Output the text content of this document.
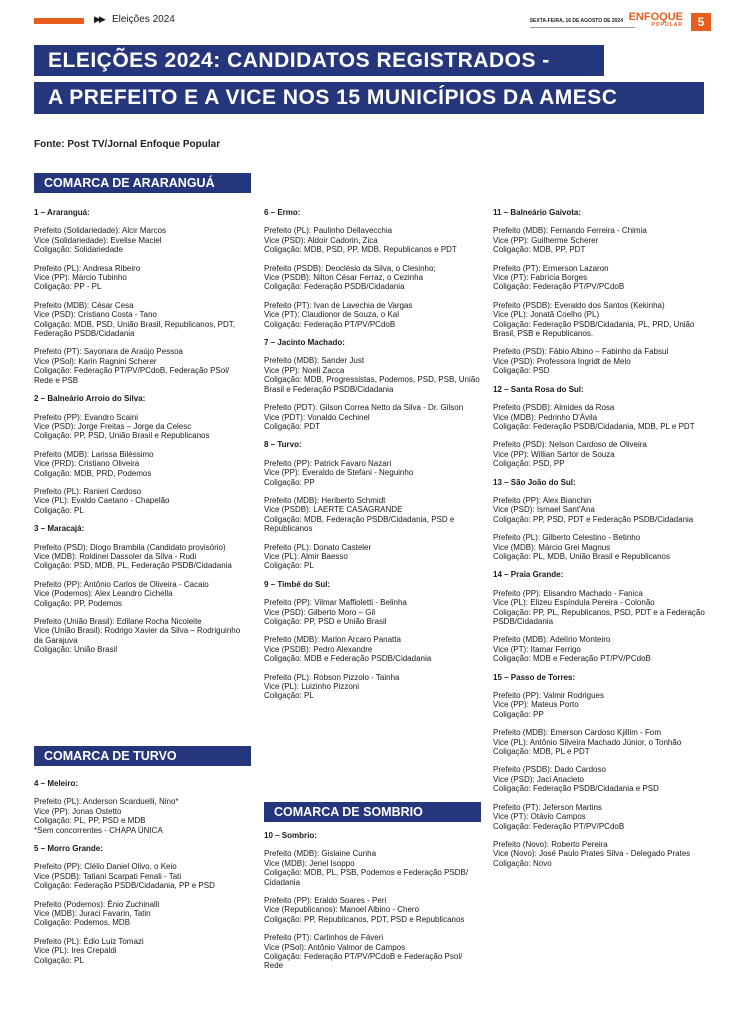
▶▶ Eleições 2024	SEXTA-FEIRA, 16 DE AGOSTO DE 2024 ENFOQUE
POPULAR	5
ELEIÇÕES 2024: CANDIDATOS REGISTRADOS -
A PREFEITO E A VICE NOS 15 MUNICÍPIOS DA AMESC
Fonte: Post TV/Jornal Enfoque Popular
COMARCA DE ARARANGUÁ
COMARCA DE TURVO
COMARCA DE SOMBRIO
1 – Araranguá:
Prefeito (Solidariedade): Alcir Marcos
Vice (Solidariedade): Evelise Maciel
Coligação: Solidariedade
Prefeito (PL): Andresa Ribeiro
Vice (PP): Márcio Tubinho
Coligação: PP - PL
Prefeito (MDB): César Cesa
Vice (PSD): Cristiano Costa - Tano
Coligação: MDB, PSD, União Brasil, Republicanos, PDT, Federação PSDB/Cidadania
Prefeito (PT): Sayonara de Araújo Pessoa
Vice (PSol): Karin Ragnini Scherer
Coligação: Federação PT/PV/PCdoB, Federação PSol/ Rede e PSB
2 – Balneário Arroio do Silva:
Prefeito (PP): Evandro Scaini
Vice (PSD): Jorge Freitas – Jorge da Celesc
Coligação: PP, PSD, União Brasil e Republicanos
Prefeito (MDB): Larissa Biléssimo
Vice (PRD): Cristiano Oliveira
Coligação: MDB, PRD, Podemos
Prefeito (PL): Ranieri Cardoso
Vice (PL): Evaldo Caetano - Chapelão
Coligação: PL
3 – Maracajá:
Prefeito (PSD): Diogo Brambila (Candidato provisório)
Vice (MDB): Roldinei Dassoler da Silva - Rudi
Coligação: PSD, MDB, PL, Federação PSDB/Cidadania
Prefeito (PP): Antônio Carlos de Oliveira - Cacaio
Vice (Podemos): Alex Leandro Cichella
Coligação: PP, Podemos
Prefeito (União Brasil): Edilane Rocha Nicoleite
Vice (União Brasil): Rodrigo Xavier da Silva – Rodriguinho da Garajuva
Coligação: União Brasil
4 – Meleiro:
Prefeito (PL): Anderson Scarduelli, Nino*
Vice (PP): Jonas Ostetto
Coligação: PL, PP, PSD e MDB
*Sem concorrentes - CHAPA ÚNICA
5 – Morro Grande:
Prefeito (PP): Clélio Daniel Olivo, o Keio
Vice (PSDB): Tatiani Scarpati Fenali - Tati
Coligação: Federação PSDB/Cidadania, PP e PSD
Prefeito (Podemos): Ênio Zuchinalli
Vice (MDB): Juraci Favarin, Tatin
Coligação: Podemos, MDB
Prefeito (PL): Édio Luiz Tomazi
Vice (PL): Ires Crepaldi
Coligação: PL
6 – Ermo:
Prefeito (PL): Paulinho Dellavecchia
Vice (PSD): Aldoir Cadorin, Zica
Coligação: MDB, PSD, PP, MDB, Republicanos e PDT
Prefeito (PSDB): Deoclésio da Silva, o Clesinho;
Vice (PSDB): Nilton César Ferraz, o Cezinha
Coligação: Federação PSDB/Cidadania
Prefeito (PT): Ivan de Lavechia de Vargas
Vice (PT): Claudionor de Souza, o Kal
Coligação: Federação PT/PV/PCdoB
7 – Jacinto Machado:
Prefeito (MDB): Sander Just
Vice (PP): Noeli Zacca
Coligação: MDB, Progressistas, Podemos, PSD, PSB, União Brasil e Federação PSDB/Cidadania
Prefeito (PDT): Gilson Correa Netto da Silva - Dr. Gilson
Vice (PDT): Vonaldo Cechinel
Coligação: PDT
8 – Turvo:
Prefeito (PP): Patrick Favaro Nazari
Vice (PP): Everaldo de Stefani - Neguinho
Coligação: PP
Prefeito (MDB): Heriberto Schmidt
Vice (PSDB): LAERTE CASAGRANDE
Coligação: MDB, Federação PSDB/Cidadania, PSD e Republicanos
Prefeito (PL): Donato Casteler
Vice (PL): Almir Baesso
Coligação: PL
9 – Timbé do Sul:
Prefeito (PP): Vilmar Maffioletti - Belinha
Vice (PSD): Gilberto Moro – Gil
Coligação: PP, PSD e União Brasil
Prefeito (MDB): Marlon Arcaro Panatta
Vice (PSDB): Pedro Alexandre
Coligação: MDB e Federação PSDB/Cidadania
Prefeito (PL): Robson Pizzolo - Tainha
Vice (PL): Luizinho Pizzoni
Coligação: PL
10 – Sombrio:
Prefeito (MDB): Gislaine Cunha
Vice (MDB): Jeriel Isoppo
Coligação: MDB, PL, PSB, Podemos e Federação PSDB/ Cidadania
Prefeito (PP): Eraldo Soares - Peri
Vice (Republicanos): Manoel Albino - Chero
Coligação: PP, Republicanos, PDT, PSD e Republicanos
Prefeito (PT): Carlinhos de Fáveri
Vice (PSol): Antônio Valmor de Campos
Coligação: Federação PT/PV/PCdoB e Federação Psol/ Rede
11 – Balneário Gaivota:
Prefeito (MDB): Fernando Ferreira - Chimia
Vice (PP): Guilherme Scherer
Coligação: MDB, PP, PDT
Prefeito (PT): Ermerson Lazaron
Vice (PT): Fabrícia Borges
Coligação: Federação PT/PV/PCdoB
Prefeito (PSDB): Everaldo dos Santos (Kekinha)
Vice (PL): Jonatã Coelho (PL)
Coligação: Federação PSDB/Cidadania, PL, PRD, União Brasil, PSB e Republicanos.
Prefeito (PSD): Fábio Albino – Fabinho da Fabsul
Vice (PSD): Professora Ingridt de Melo
Coligação: PSD
12 – Santa Rosa do Sul:
Prefeito (PSDB): Almides da Rosa
Vice (MDB): Pedrinho D'Ávila
Coligação: Federação PSDB/Cidadania, MDB, PL e PDT
Prefeito (PSD): Nelson Cardoso de Oliveira
Vice (PP): Willian Sartor de Souza
Coligação: PSD, PP
13 – São João do Sul:
Prefeito (PP): Alex Bianchin
Vice (PSD): Ismael Sant'Ana
Coligação: PP, PSD, PDT e Federação PSDB/Cidadania
Prefeito (PL): Gilberto Celestino - Betinho
Vice (MDB): Márcio Grei Magnus
Coligação: PL, MDB, União Brasil e Republicanos
14 – Praia Grande:
Prefeito (PP): Elisandro Machado - Fanica
Vice (PL): Elizeu Espíndula Pereira - Colonão
Coligação: PP, PL, Republicanos, PSD, PDT e a Federação PSDB/Cidadania
Prefeito (MDB): Adelírio Monteiro
Vice (PT): Itamar Ferrigo
Coligação: MDB e Federação PT/PV/PCdoB
15 – Passo de Torres:
Prefeito (PP): Valmir Rodrigues
Vice (PP): Mateus Porto
Coligação: PP
Prefeito (MDB): Emerson Cardoso Kjillim - Fom
Vice (PL): Antônio Silveira Machado Júnior, o Tonhão
Coligação: MDB, PL e PDT
Prefeito (PSDB): Dado Cardoso
Vice (PSD): Jaci Anacleto
Coligação: Federação PSDB/Cidadania e PSD
Prefeito (PT): Jeferson Martins
Vice (PT): Otávio Campos
Coligação: Federação PT/PV/PCdoB
Prefeito (Novo): Roberto Pereira
Vice (Novo): José Paulo Prates Silva - Delegado Prates
Coligação: Novo
